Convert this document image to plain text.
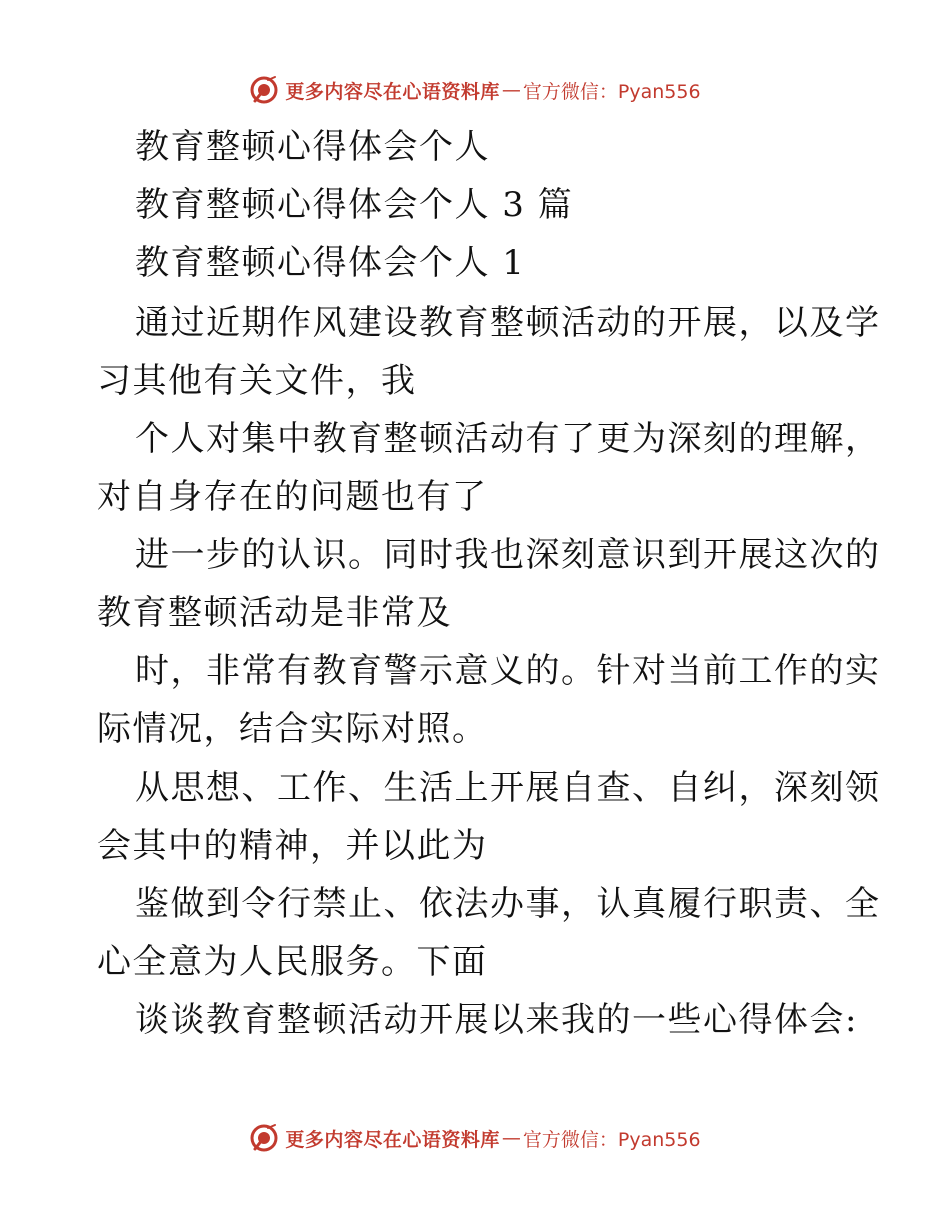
更多内容尽在心语资料库 — 官方微信：Pyan556
教育整顿心得体会个人
教育整顿心得体会个人 3 篇
教育整顿心得体会个人 1
通过近期作风建设教育整顿活动的开展，以及学
习其他有关文件，我
个人对集中教育整顿活动有了更为深刻的理解，
对自身存在的问题也有了
进一步的认识。同时我也深刻意识到开展这次的
教育整顿活动是非常及
时，非常有教育警示意义的。针对当前工作的实
际情况，结合实际对照。
从思想、工作、生活上开展自查、自纠，深刻领
会其中的精神，并以此为
鉴做到令行禁止、依法办事，认真履行职责、全
心全意为人民服务。下面
谈谈教育整顿活动开展以来我的一些心得体会:
更多内容尽在心语资料库 — 官方微信：Pyan556
